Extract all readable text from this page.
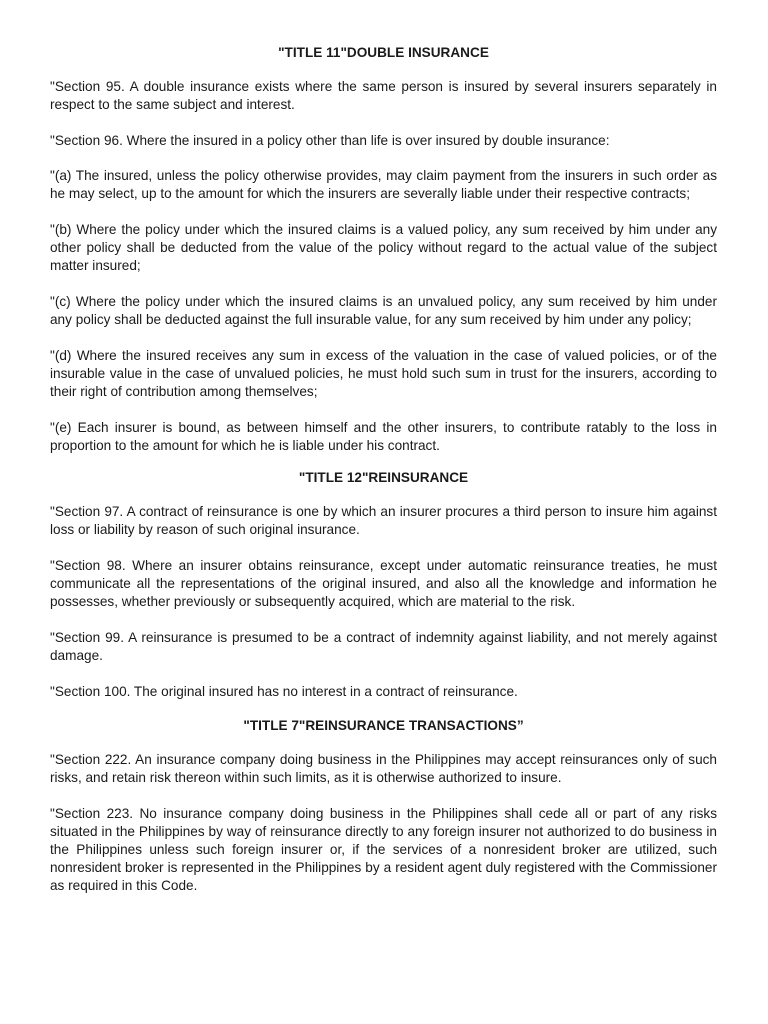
"TITLE 11"DOUBLE INSURANCE

"Section 95. A double insurance exists where the same person is insured by several insurers separately in respect to the same subject and interest.

"Section 96. Where the insured in a policy other than life is over insured by double insurance:

"(a) The insured, unless the policy otherwise provides, may claim payment from the insurers in such order as he may select, up to the amount for which the insurers are severally liable under their respective contracts;

"(b) Where the policy under which the insured claims is a valued policy, any sum received by him under any other policy shall be deducted from the value of the policy without regard to the actual value of the subject matter insured;

"(c) Where the policy under which the insured claims is an unvalued policy, any sum received by him under any policy shall be deducted against the full insurable value, for any sum received by him under any policy;

"(d) Where the insured receives any sum in excess of the valuation in the case of valued policies, or of the insurable value in the case of unvalued policies, he must hold such sum in trust for the insurers, according to their right of contribution among themselves;

"(e) Each insurer is bound, as between himself and the other insurers, to contribute ratably to the loss in proportion to the amount for which he is liable under his contract.

"TITLE 12"REINSURANCE

"Section 97. A contract of reinsurance is one by which an insurer procures a third person to insure him against loss or liability by reason of such original insurance.

"Section 98. Where an insurer obtains reinsurance, except under automatic reinsurance treaties, he must communicate all the representations of the original insured, and also all the knowledge and information he possesses, whether previously or subsequently acquired, which are material to the risk.

"Section 99. A reinsurance is presumed to be a contract of indemnity against liability, and not merely against damage.

"Section 100. The original insured has no interest in a contract of reinsurance.

"TITLE 7"REINSURANCE TRANSACTIONS”

"Section 222. An insurance company doing business in the Philippines may accept reinsurances only of such risks, and retain risk thereon within such limits, as it is otherwise authorized to insure.

"Section 223. No insurance company doing business in the Philippines shall cede all or part of any risks situated in the Philippines by way of reinsurance directly to any foreign insurer not authorized to do business in the Philippines unless such foreign insurer or, if the services of a nonresident broker are utilized, such nonresident broker is represented in the Philippines by a resident agent duly registered with the Commissioner as required in this Code.
